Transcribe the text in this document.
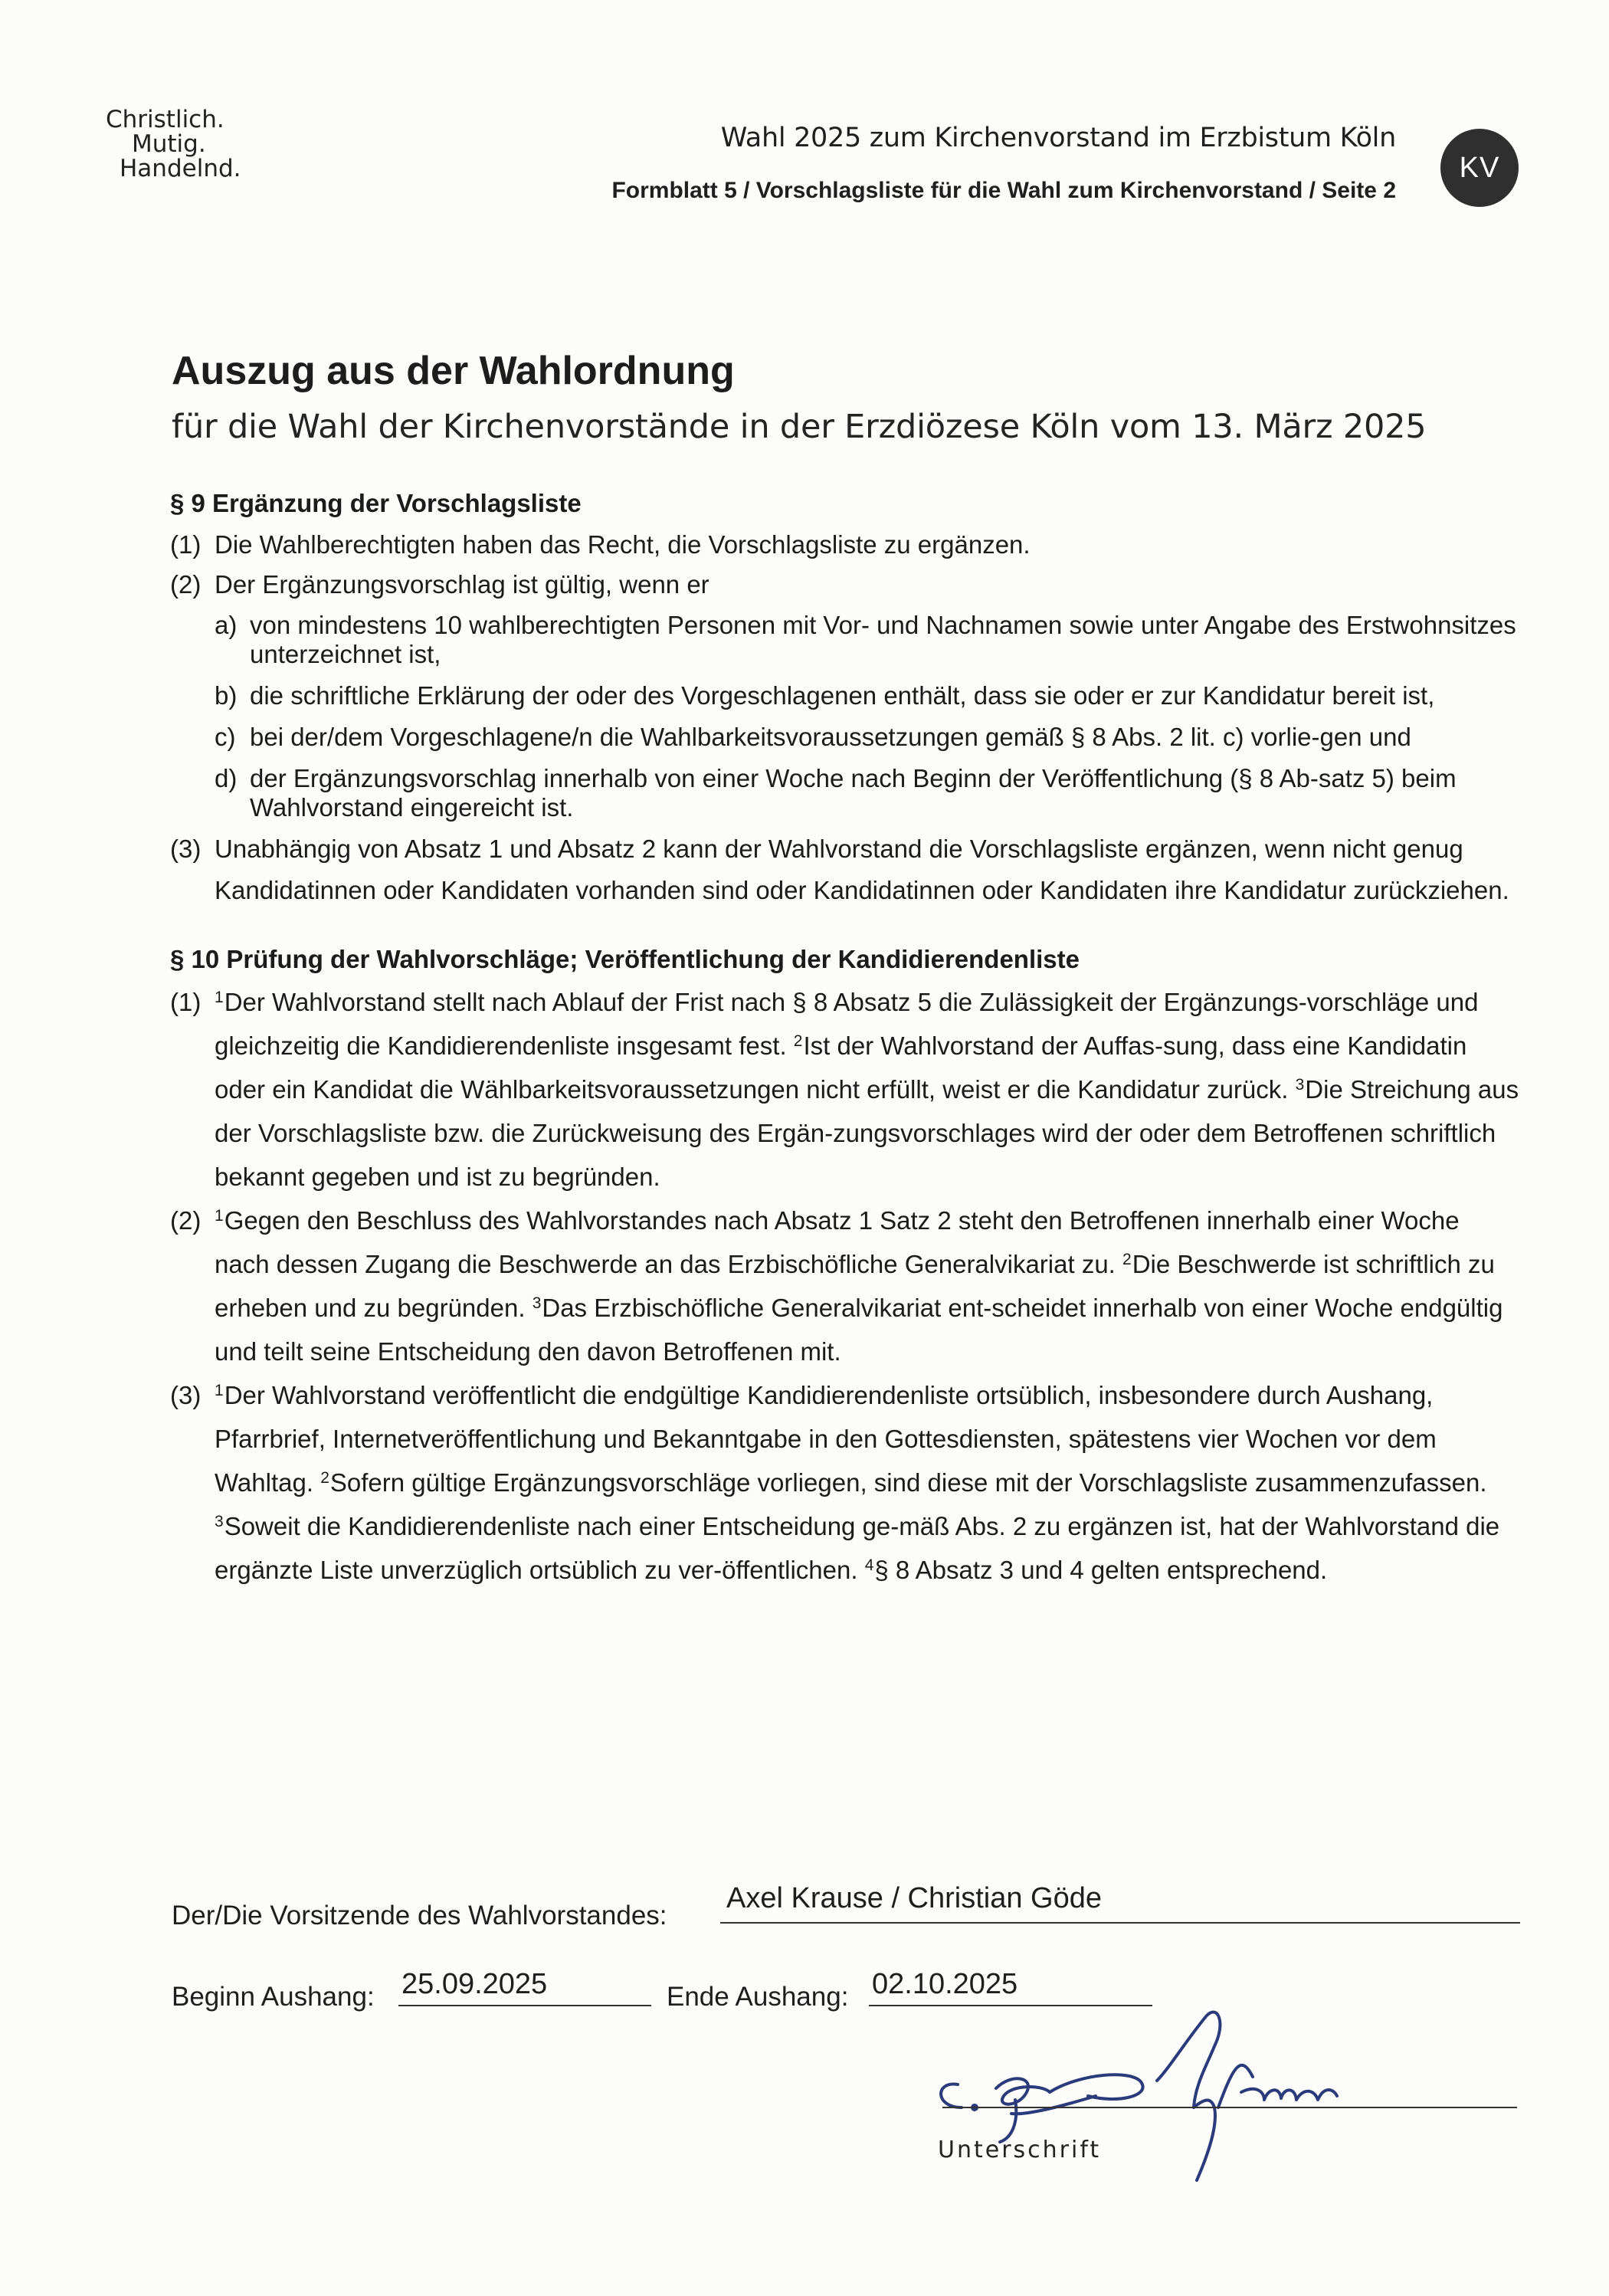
Christlich.
Mutig.
Handelnd.
Wahl 2025 zum Kirchenvorstand im Erzbistum Köln
Formblatt 5 / Vorschlagsliste für die Wahl zum Kirchenvorstand / Seite 2
KV
Auszug aus der Wahlordnung
für die Wahl der Kirchenvorstände in der Erzdiözese Köln vom 13. März 2025

§ 9 Ergänzung der Vorschlagsliste

(1) Die Wahlberechtigten haben das Recht, die Vorschlagsliste zu ergänzen.

(2) Der Ergänzungsvorschlag ist gültig, wenn er

a) von mindestens 10 wahlberechtigten Personen mit Vor- und Nachnamen sowie unter Angabe des Erstwohnsitzes unterzeichnet ist,

b) die schriftliche Erklärung der oder des Vorgeschlagenen enthält, dass sie oder er zur Kandidatur bereit ist,

c) bei der/dem Vorgeschlagene/n die Wahlbarkeitsvoraussetzungen gemäß § 8 Abs. 2 lit. c) vorlie-gen und

d) der Ergänzungsvorschlag innerhalb von einer Woche nach Beginn der Veröffentlichung (§ 8 Ab-satz 5) beim Wahlvorstand eingereicht ist.

(3) Unabhängig von Absatz 1 und Absatz 2 kann der Wahlvorstand die Vorschlagsliste ergänzen, wenn nicht genug Kandidatinnen oder Kandidaten vorhanden sind oder Kandidatinnen oder Kandidaten ihre Kandidatur zurückziehen.

§ 10 Prüfung der Wahlvorschläge; Veröffentlichung der Kandidierendenliste

(1) $^1$Der Wahlvorstand stellt nach Ablauf der Frist nach § 8 Absatz 5 die Zulässigkeit der Ergänzungs-vorschläge und gleichzeitig die Kandidierendenliste insgesamt fest. $^2$Ist der Wahlvorstand der Auffas-sung, dass eine Kandidatin oder ein Kandidat die Wählbarkeitsvoraussetzungen nicht erfüllt, weist er die Kandidatur zurück. $^3$Die Streichung aus der Vorschlagsliste bzw. die Zurückweisung des Ergän-zungsvorschlages wird der oder dem Betroffenen schriftlich bekannt gegeben und ist zu begründen.

(2) $^1$Gegen den Beschluss des Wahlvorstandes nach Absatz 1 Satz 2 steht den Betroffenen innerhalb einer Woche nach dessen Zugang die Beschwerde an das Erzbischöfliche Generalvikariat zu. $^2$Die Beschwerde ist schriftlich zu erheben und zu begründen. $^3$Das Erzbischöfliche Generalvikariat ent-scheidet innerhalb von einer Woche endgültig und teilt seine Entscheidung den davon Betroffenen mit.

(3) $^1$Der Wahlvorstand veröffentlicht die endgültige Kandidierendenliste ortsüblich, insbesondere durch Aushang, Pfarrbrief, Internetveröffentlichung und Bekanntgabe in den Gottesdiensten, spätestens vier Wochen vor dem Wahltag. $^2$Sofern gültige Ergänzungsvorschläge vorliegen, sind diese mit der Vorschlagsliste zusammenzufassen. $^3$Soweit die Kandidierendenliste nach einer Entscheidung ge-mäß Abs. 2 zu ergänzen ist, hat der Wahlvorstand die ergänzte Liste unverzüglich ortsüblich zu ver-öffentlichen. $^4$§ 8 Absatz 3 und 4 gelten entsprechend.

Der/Die Vorsitzende des Wahlvorstandes:
Axel Krause / Christian Göde
Beginn Aushang: 25.09.2025	Ende Aushang: 02.10.2025
Unterschrift
